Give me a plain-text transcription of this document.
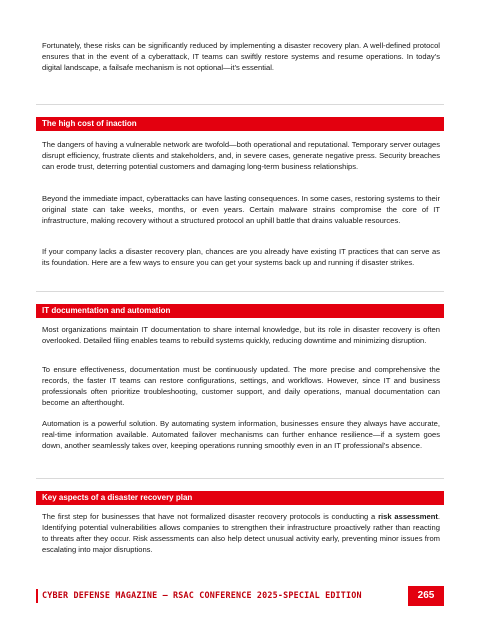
Fortunately, these risks can be significantly reduced by implementing a disaster recovery plan. A well-defined protocol ensures that in the event of a cyberattack, IT teams can swiftly restore systems and resume operations. In today’s digital landscape, a failsafe mechanism is not optional—it’s essential.

The high cost of inaction

The dangers of having a vulnerable network are twofold—both operational and reputational. Temporary server outages disrupt efficiency, frustrate clients and stakeholders, and, in severe cases, generate negative press. Security breaches can erode trust, deterring potential customers and damaging long-term business relationships.

Beyond the immediate impact, cyberattacks can have lasting consequences. In some cases, restoring systems to their original state can take weeks, months, or even years. Certain malware strains compromise the core of IT infrastructure, making recovery without a structured protocol an uphill battle that drains valuable resources.

If your company lacks a disaster recovery plan, chances are you already have existing IT practices that can serve as its foundation. Here are a few ways to ensure you can get your systems back up and running if disaster strikes.

IT documentation and automation

Most organizations maintain IT documentation to share internal knowledge, but its role in disaster recovery is often overlooked. Detailed filing enables teams to rebuild systems quickly, reducing downtime and minimizing disruption.

To ensure effectiveness, documentation must be continuously updated. The more precise and comprehensive the records, the faster IT teams can restore configurations, settings, and workflows. However, since IT and business professionals often prioritize troubleshooting, customer support, and daily operations, manual documentation can become an afterthought.

Automation is a powerful solution. By automating system information, businesses ensure they always have accurate, real-time information available. Automated failover mechanisms can further enhance resilience—if a system goes down, another seamlessly takes over, keeping operations running smoothly even in an IT professional’s absence.

Key aspects of a disaster recovery plan

The first step for businesses that have not formalized disaster recovery protocols is conducting a risk assessment. Identifying potential vulnerabilities allows companies to strengthen their infrastructure proactively rather than reacting to threats after they occur. Risk assessments can also help detect unusual activity early, preventing minor issues from escalating into major disruptions.

CYBER DEFENSE MAGAZINE – RSAC CONFERENCE 2025-SPECIAL EDITION	265
